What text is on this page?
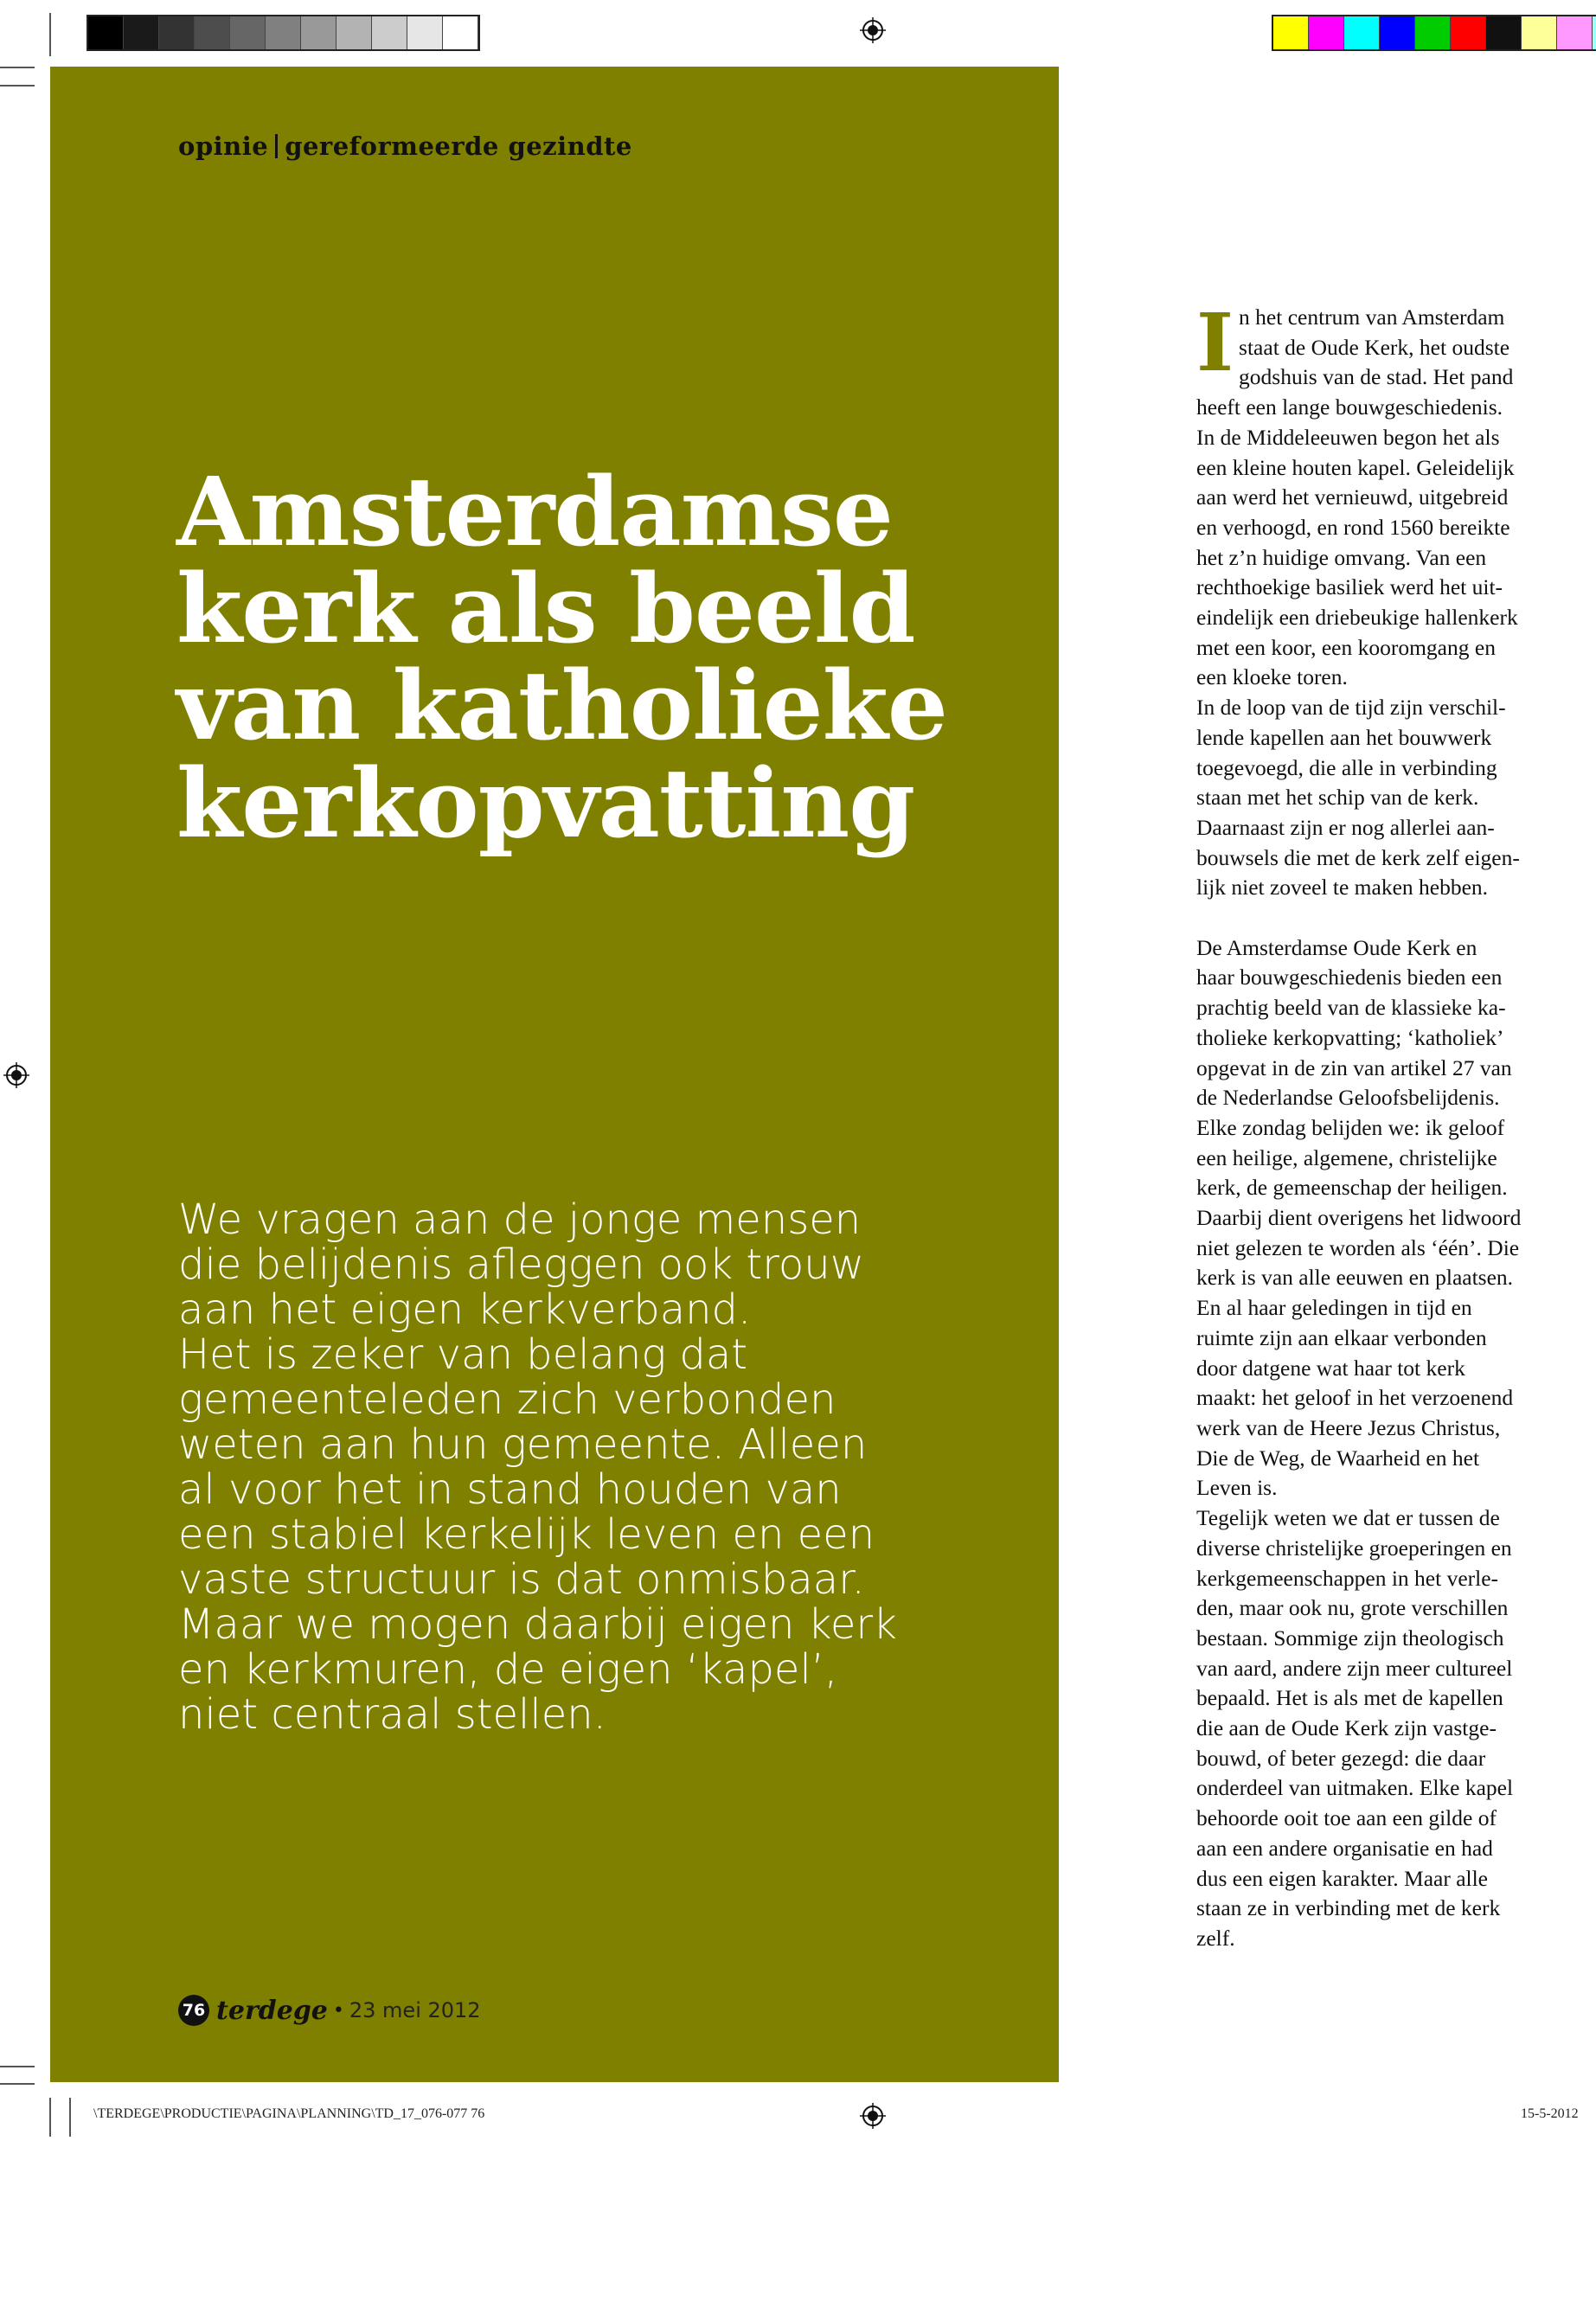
opinie gereformeerde gezindte
Amsterdamse
kerk als beeld
van katholieke
kerkopvatting
We vragen aan de jonge mensen
die belijdenis afleggen ook trouw
aan het eigen kerkverband.
Het is zeker van belang dat
gemeenteleden zich verbonden
weten aan hun gemeente. Alleen
al voor het in stand houden van
een stabiel kerkelijk leven en een
vaste structuur is dat onmisbaar.
Maar we mogen daarbij eigen kerk
en kerkmuren, de eigen ‘kapel’,
niet centraal stellen.
76 terdege • 23 mei 2012
I n het centrum van Amsterdam

staat de Oude Kerk, het oudste

godshuis van de stad. Het pand

heeft een lange bouwgeschiedenis.

In de Middeleeuwen begon het als

een kleine houten kapel. Geleidelijk

aan werd het vernieuwd, uitgebreid

en verhoogd, en rond 1560 bereikte

het z’n huidige omvang. Van een

rechthoekige basiliek werd het uit-

eindelijk een driebeukige hallenkerk

met een koor, een kooromgang en

een kloeke toren.

In de loop van de tijd zijn verschil-

lende kapellen aan het bouwwerk

toegevoegd, die alle in verbinding

staan met het schip van de kerk.

Daarnaast zijn er nog allerlei aan-

bouwsels die met de kerk zelf eigen-

lijk niet zoveel te maken hebben.

De Amsterdamse Oude Kerk en

haar bouwgeschiedenis bieden een

prachtig beeld van de klassieke ka-

tholieke kerkopvatting; ‘katholiek’

opgevat in de zin van artikel 27 van

de Nederlandse Geloofsbelijdenis.

Elke zondag belijden we: ik geloof

een heilige, algemene, christelijke

kerk, de gemeenschap der heiligen.

Daarbij dient overigens het lidwoord

niet gelezen te worden als ‘één’. Die

kerk is van alle eeuwen en plaatsen.

En al haar geledingen in tijd en

ruimte zijn aan elkaar verbonden

door datgene wat haar tot kerk

maakt: het geloof in het verzoenend

werk van de Heere Jezus Christus,

Die de Weg, de Waarheid en het

Leven is.

Tegelijk weten we dat er tussen de

diverse christelijke groeperingen en

kerkgemeenschappen in het verle-

den, maar ook nu, grote verschillen

bestaan. Sommige zijn theologisch

van aard, andere zijn meer cultureel

bepaald. Het is als met de kapellen

die aan de Oude Kerk zijn vastge-

bouwd, of beter gezegd: die daar

onderdeel van uitmaken. Elke kapel

behoorde ooit toe aan een gilde of

aan een andere organisatie en had

dus een eigen karakter. Maar alle

staan ze in verbinding met de kerk

zelf.

\TERDEGE\PRODUCTIE\PAGINA\PLANNING\TD_17_076-077 76	15-5-2012
